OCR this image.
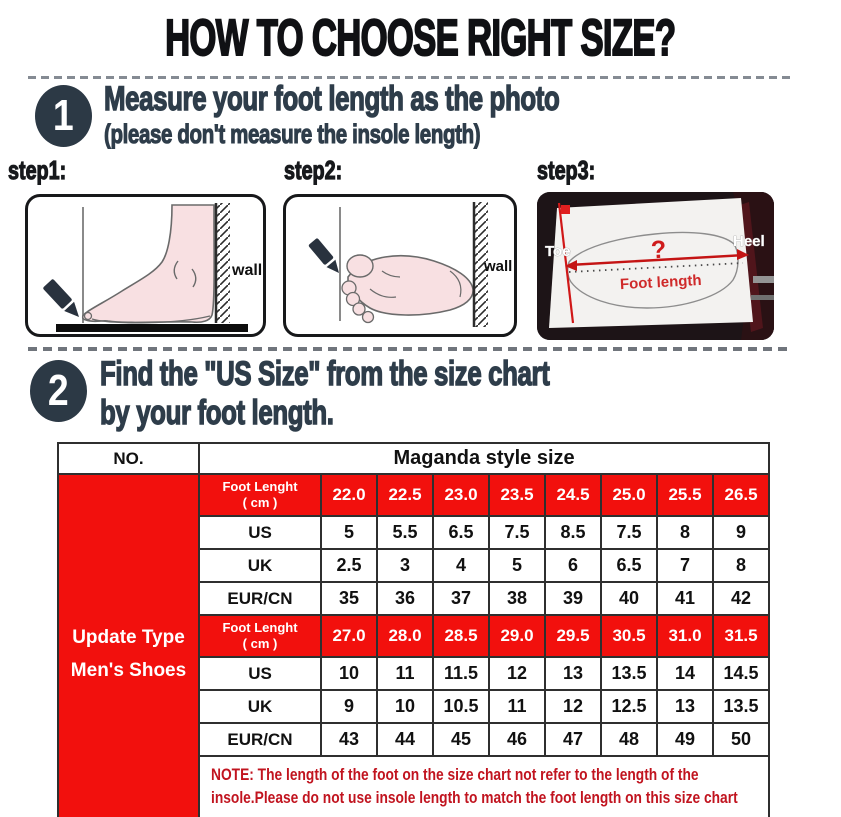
HOW TO CHOOSE RIGHT SIZE?
1 Measure your foot length as the photo
(please don't measure the insole length)
step1:	step2:	step3:
wall	wall
?
Foot length
Toe
Heel
2 Find the "US Size" from the size chart
by your foot length.
NO.	Maganda style size								

Update Type
Men's Shoes

Foot Lenght
( cm )	22.0	22.5	23.0	23.5	24.5	25.0	25.5	26.5
	US	5	5.5	6.5	7.5	8.5	7.5	8	9
	UK	2.5	3	4	5	6	6.5	7	8
	EUR/CN	35	36	37	38	39	40	41	42

	Foot Lenght
( cm )	27.0	28.0	28.5	29.0	29.5	30.5	31.0	31.5
	US	10	11	11.5	12	13	13.5	14	14.5
	UK	9	10	10.5	11	12	12.5	13	13.5
	EUR/CN	43	44	45	46	47	48	49	50

	NOTE: The length of the foot on the size chart not refer to the length of the insole.Please do not use insole length to match the foot length on this size chart								
